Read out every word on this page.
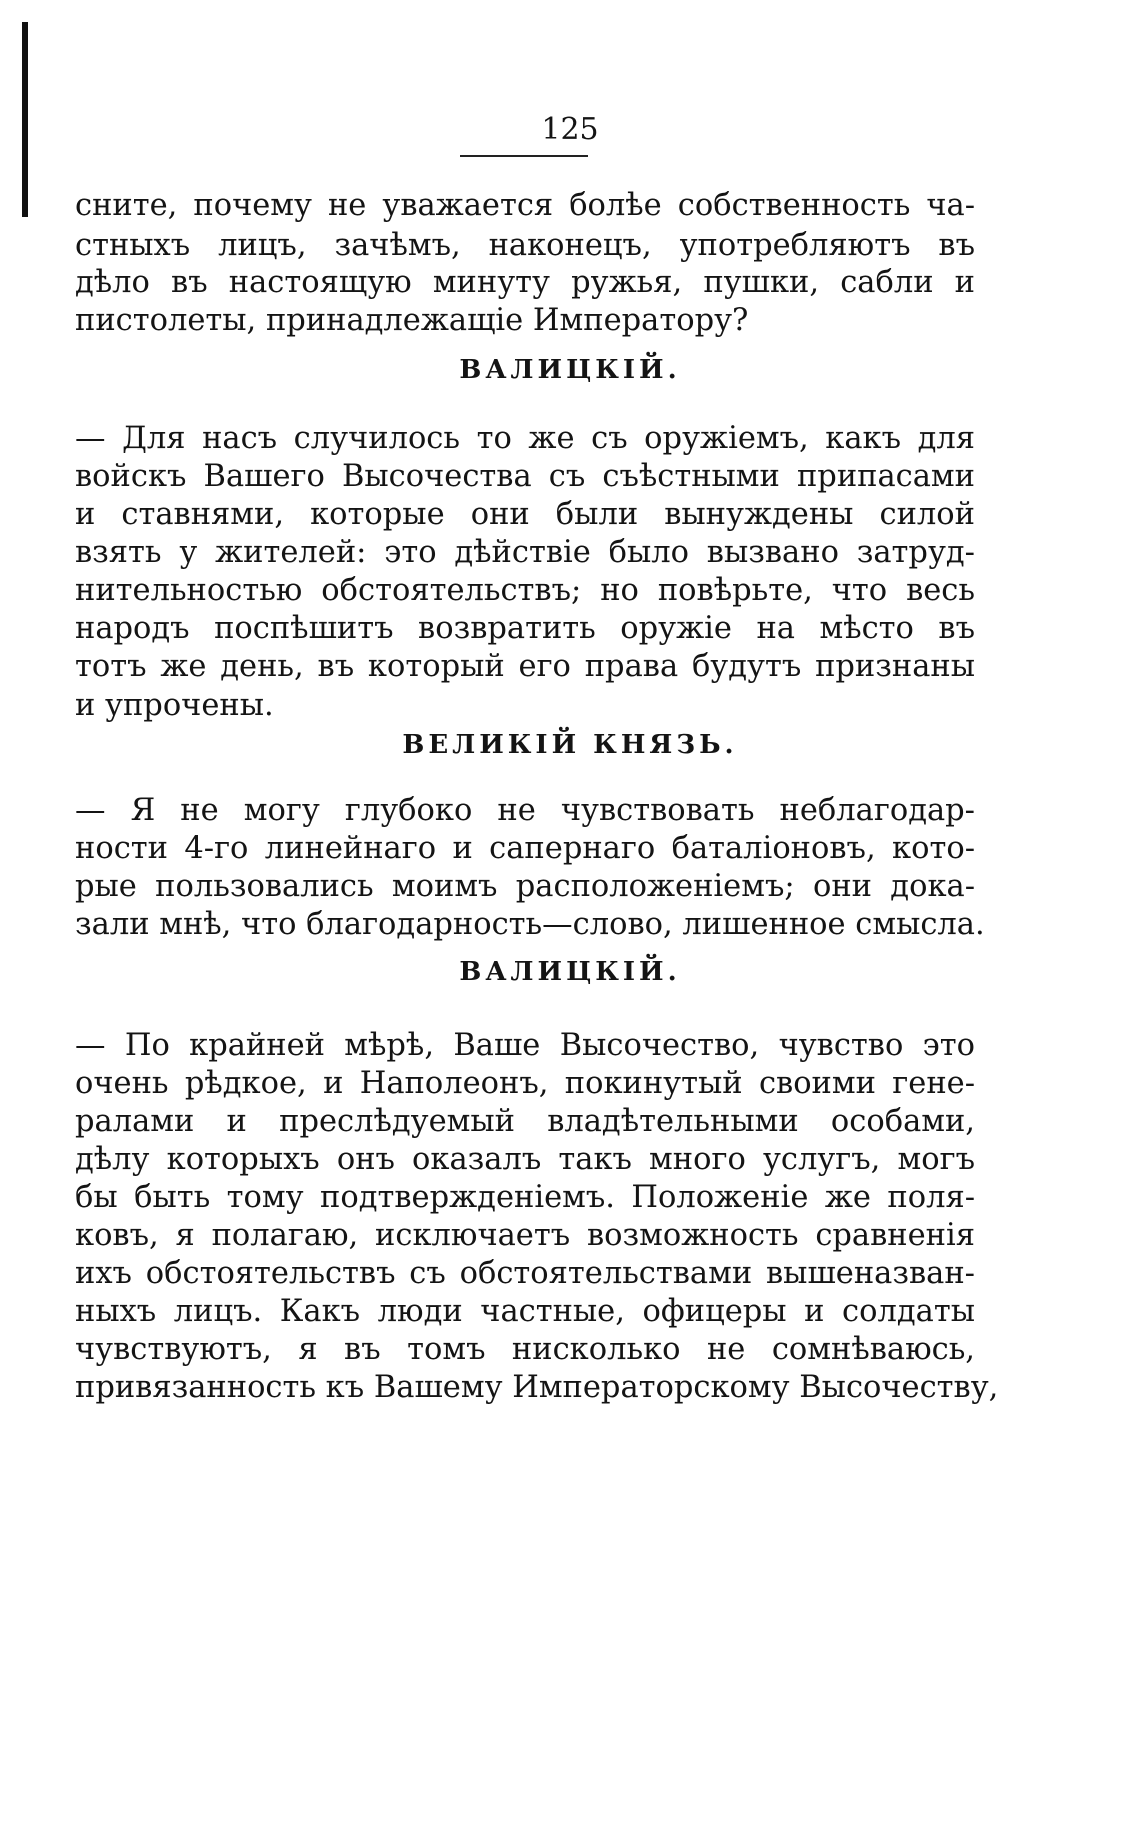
125
сните, почему не уважается болѣе собственность ча-
стныхъ лицъ, зачѣмъ, наконецъ, употребляютъ въ
дѣло въ настоящую минуту ружья, пушки, сабли и
пистолеты, принадлежащіе Императору?
ВАЛИЦКІЙ.
— Для насъ случилось то же съ оружіемъ, какъ для
войскъ Вашего Высочества съ съѣстными припасами
и ставнями, которые они были вынуждены силой
взять у жителей: это дѣйствіе было вызвано затруд-
нительностью обстоятельствъ; но повѣрьте, что весь
народъ поспѣшитъ возвратить оружіе на мѣсто въ
тотъ же день, въ который его права будутъ признаны
и упрочены.
ВЕЛИКІЙ КНЯЗЬ.
— Я не могу глубоко не чувствовать неблагодар-
ности 4-го линейнаго и сапернаго баталіоновъ, кото-
рые пользовались моимъ расположеніемъ; они дока-
зали мнѣ, что благодарность—слово, лишенное смысла.
ВАЛИЦКІЙ.
— По крайней мѣрѣ, Ваше Высочество, чувство это
очень рѣдкое, и Наполеонъ, покинутый своими гене-
ралами и преслѣдуемый владѣтельными особами,
дѣлу которыхъ онъ оказалъ такъ много услугъ, могъ
бы быть тому подтвержденіемъ. Положеніе же поля-
ковъ, я полагаю, исключаетъ возможность сравненія
ихъ обстоятельствъ съ обстоятельствами вышеназван-
ныхъ лицъ. Какъ люди частные, офицеры и солдаты
чувствуютъ, я въ томъ нисколько не сомнѣваюсь,
привязанность къ Вашему Императорскому Высочеству,
